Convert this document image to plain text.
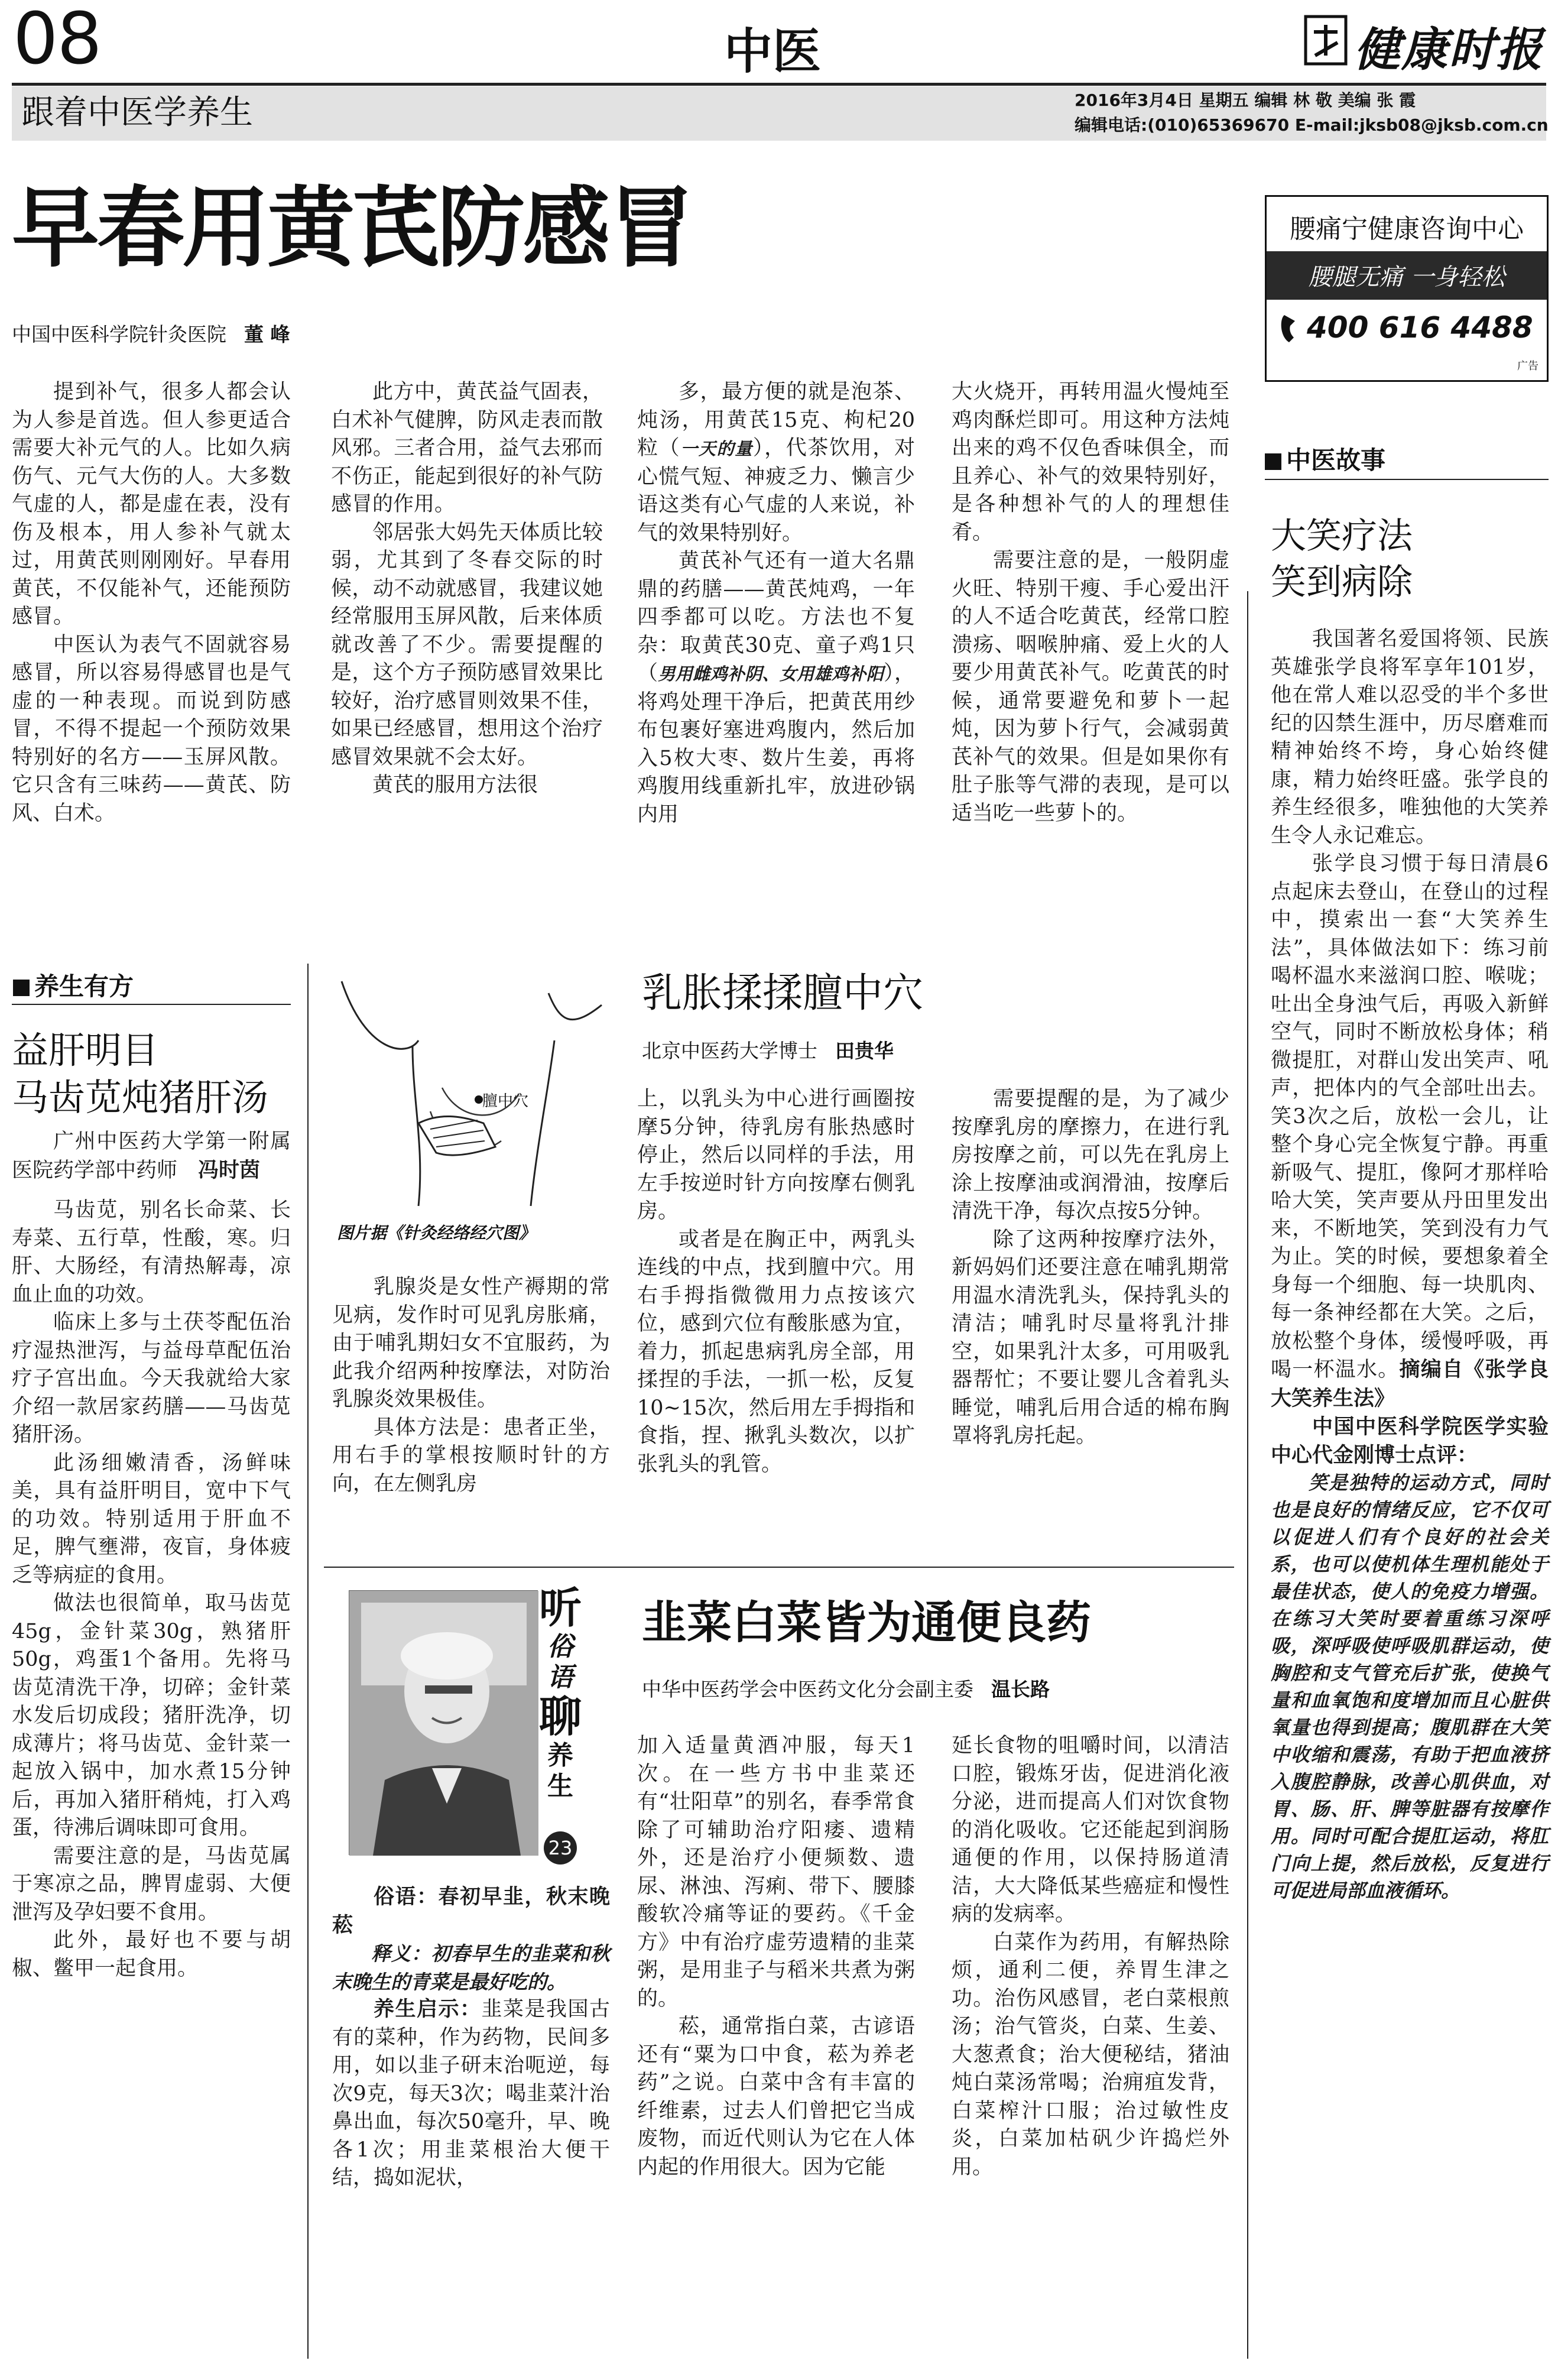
08	中医	健康时报
跟着中医学养生	2016年3月4日 星期五 编辑 林 敬 美编 张 霞
编辑电话:(010)65369670 E-mail:jksb08@jksb.com.cn
早春用黄芪防感冒
中国中医科学院针灸医院 董 峰

提到补气，很多人都会认为人参是首选。但人参更适合需要大补元气的人。比如久病伤气、元气大伤的人。大多数气虚的人，都是虚在表，没有伤及根本，用人参补气就太过，用黄芪则刚刚好。早春用黄芪，不仅能补气，还能预防感冒。

中医认为表气不固就容易感冒，所以容易得感冒也是气虚的一种表现。而说到防感冒，不得不提起一个预防效果特别好的名方——玉屏风散。它只含有三味药——黄芪、防风、白术。

此方中，黄芪益气固表，白术补气健脾，防风走表而散风邪。三者合用，益气去邪而不伤正，能起到很好的补气防感冒的作用。

邻居张大妈先天体质比较弱，尤其到了冬春交际的时候，动不动就感冒，我建议她经常服用玉屏风散，后来体质就改善了不少。需要提醒的是，这个方子预防感冒效果比较好，治疗感冒则效果不佳，如果已经感冒，想用这个治疗感冒效果就不会太好。

黄芪的服用方法很

多，最方便的就是泡茶、炖汤，用黄芪15克、枸杞20粒（一天的量），代茶饮用，对心慌气短、神疲乏力、懒言少语这类有心气虚的人来说，补气的效果特别好。

黄芪补气还有一道大名鼎鼎的药膳——黄芪炖鸡，一年四季都可以吃。方法也不复杂：取黄芪30克、童子鸡1只（男用雌鸡补阴、女用雄鸡补阳），将鸡处理干净后，把黄芪用纱布包裹好塞进鸡腹内，然后加入5枚大枣、数片生姜，再将鸡腹用线重新扎牢，放进砂锅内用

大火烧开，再转用温火慢炖至鸡肉酥烂即可。用这种方法炖出来的鸡不仅色香味俱全，而且养心、补气的效果特别好，是各种想补气的人的理想佳肴。

需要注意的是，一般阴虚火旺、特别干瘦、手心爱出汗的人不适合吃黄芪，经常口腔溃疡、咽喉肿痛、爱上火的人要少用黄芪补气。吃黄芪的时候，通常要避免和萝卜一起炖，因为萝卜行气，会减弱黄芪补气的效果。但是如果你有肚子胀等气滞的表现，是可以适当吃一些萝卜的。

腰痛宁健康咨询中心
腰腿无痛 一身轻松
400 616 4488
广告
中医故事
大笑疗法
笑到病除

我国著名爱国将领、民族英雄张学良将军享年101岁，他在常人难以忍受的半个多世纪的囚禁生涯中，历尽磨难而精神始终不垮，身心始终健康，精力始终旺盛。张学良的养生经很多，唯独他的大笑养生令人永记难忘。

张学良习惯于每日清晨6点起床去登山，在登山的过程中，摸索出一套“大笑养生法”，具体做法如下：练习前喝杯温水来滋润口腔、喉咙；吐出全身浊气后，再吸入新鲜空气，同时不断放松身体；稍微提肛，对群山发出笑声、吼声，把体内的气全部吐出去。笑3次之后，放松一会儿，让整个身心完全恢复宁静。再重新吸气、提肛，像阿才那样哈哈大笑，笑声要从丹田里发出来，不断地笑，笑到没有力气为止。笑的时候，要想象着全身每一个细胞、每一块肌肉、每一条神经都在大笑。之后，放松整个身体，缓慢呼吸，再喝一杯温水。摘编自《张学良大笑养生法》

中国中医科学院医学实验中心代金刚博士点评：

笑是独特的运动方式，同时也是良好的情绪反应，它不仅可以促进人们有个良好的社会关系，也可以使机体生理机能处于最佳状态，使人的免疫力增强。在练习大笑时要着重练习深呼吸，深呼吸使呼吸肌群运动，使胸腔和支气管充后扩张，使换气量和血氧饱和度增加而且心脏供氧量也得到提高；腹肌群在大笑中收缩和震荡，有助于把血液挤入腹腔静脉，改善心肌供血，对胃、肠、肝、脾等脏器有按摩作用。同时可配合提肛运动，将肛门向上提，然后放松，反复进行可促进局部血液循环。

养生有方
益肝明目
马齿苋炖猪肝汤

广州中医药大学第一附属医院药学部中药师  冯时茵

马齿苋，别名长命菜、长寿菜、五行草，性酸，寒。归肝、大肠经，有清热解毒，凉血止血的功效。

临床上多与土茯苓配伍治疗湿热泄泻，与益母草配伍治疗子宫出血。今天我就给大家介绍一款居家药膳——马齿苋猪肝汤。

此汤细嫩清香，汤鲜味美，具有益肝明目，宽中下气的功效。特别适用于肝血不足，脾气壅滞，夜盲，身体疲乏等病症的食用。

做法也很简单，取马齿苋45g，金针菜30g，熟猪肝50g，鸡蛋1个备用。先将马齿苋清洗干净，切碎；金针菜水发后切成段；猪肝洗净，切成薄片；将马齿苋、金针菜一起放入锅中，加水煮15分钟后，再加入猪肝稍炖，打入鸡蛋，待沸后调味即可食用。

需要注意的是，马齿苋属于寒凉之品，脾胃虚弱、大便泄泻及孕妇要不食用。

此外，最好也不要与胡椒、鳖甲一起食用。

膻中穴
图片据《针灸经络经穴图》
乳胀揉揉膻中穴
北京中医药大学博士 田贵华

乳腺炎是女性产褥期的常见病，发作时可见乳房胀痛，由于哺乳期妇女不宜服药，为此我介绍两种按摩法，对防治乳腺炎效果极佳。

具体方法是：患者正坐，用右手的掌根按顺时针的方向，在左侧乳房

上，以乳头为中心进行画圈按摩5分钟，待乳房有胀热感时停止，然后以同样的手法，用左手按逆时针方向按摩右侧乳房。

或者是在胸正中，两乳头连线的中点，找到膻中穴。用右手拇指微微用力点按该穴位，感到穴位有酸胀感为宜，着力，抓起患病乳房全部，用揉捏的手法，一抓一松，反复10~15次，然后用左手拇指和食指，捏、揪乳头数次，以扩张乳头的乳管。

需要提醒的是，为了减少按摩乳房的摩擦力，在进行乳房按摩之前，可以先在乳房上涂上按摩油或润滑油，按摩后清洗干净，每次点按5分钟。

除了这两种按摩疗法外，新妈妈们还要注意在哺乳期常用温水清洗乳头，保持乳头的清洁；哺乳时尽量将乳汁排空，如果乳汁太多，可用吸乳器帮忙；不要让婴儿含着乳头睡觉，哺乳后用合适的棉布胸罩将乳房托起。

听
俗
语
聊
养
生
23

俗语：春初早韭，秋末晚菘

释义：初春早生的韭菜和秋末晚生的青菜是最好吃的。

养生启示：韭菜是我国古有的菜种，作为药物，民间多用，如以韭子研末治呃逆，每次9克，每天3次；喝韭菜汁治鼻出血，每次50毫升，早、晚各1次；用韭菜根治大便干结，捣如泥状，

韭菜白菜皆为通便良药
中华中医药学会中医药文化分会副主委 温长路

加入适量黄酒冲服，每天1次。在一些方书中韭菜还有“壮阳草”的别名，春季常食除了可辅助治疗阳痿、遗精外，还是治疗小便频数、遗尿、淋浊、泻痢、带下、腰膝酸软冷痛等证的要药。《千金方》中有治疗虚劳遗精的韭菜粥，是用韭子与稻米共煮为粥的。

菘，通常指白菜，古谚语还有“粟为口中食，菘为养老药”之说。白菜中含有丰富的纤维素，过去人们曾把它当成废物，而近代则认为它在人体内起的作用很大。因为它能

延长食物的咀嚼时间，以清洁口腔，锻炼牙齿，促进消化液分泌，进而提高人们对饮食物的消化吸收。它还能起到润肠通便的作用，以保持肠道清洁，大大降低某些癌症和慢性病的发病率。

白菜作为药用，有解热除烦，通利二便，养胃生津之功。治伤风感冒，老白菜根煎汤；治气管炎，白菜、生姜、大葱煮食；治大便秘结，猪油炖白菜汤常喝；治痈疽发背，白菜榨汁口服；治过敏性皮炎，白菜加枯矾少许捣烂外用。
